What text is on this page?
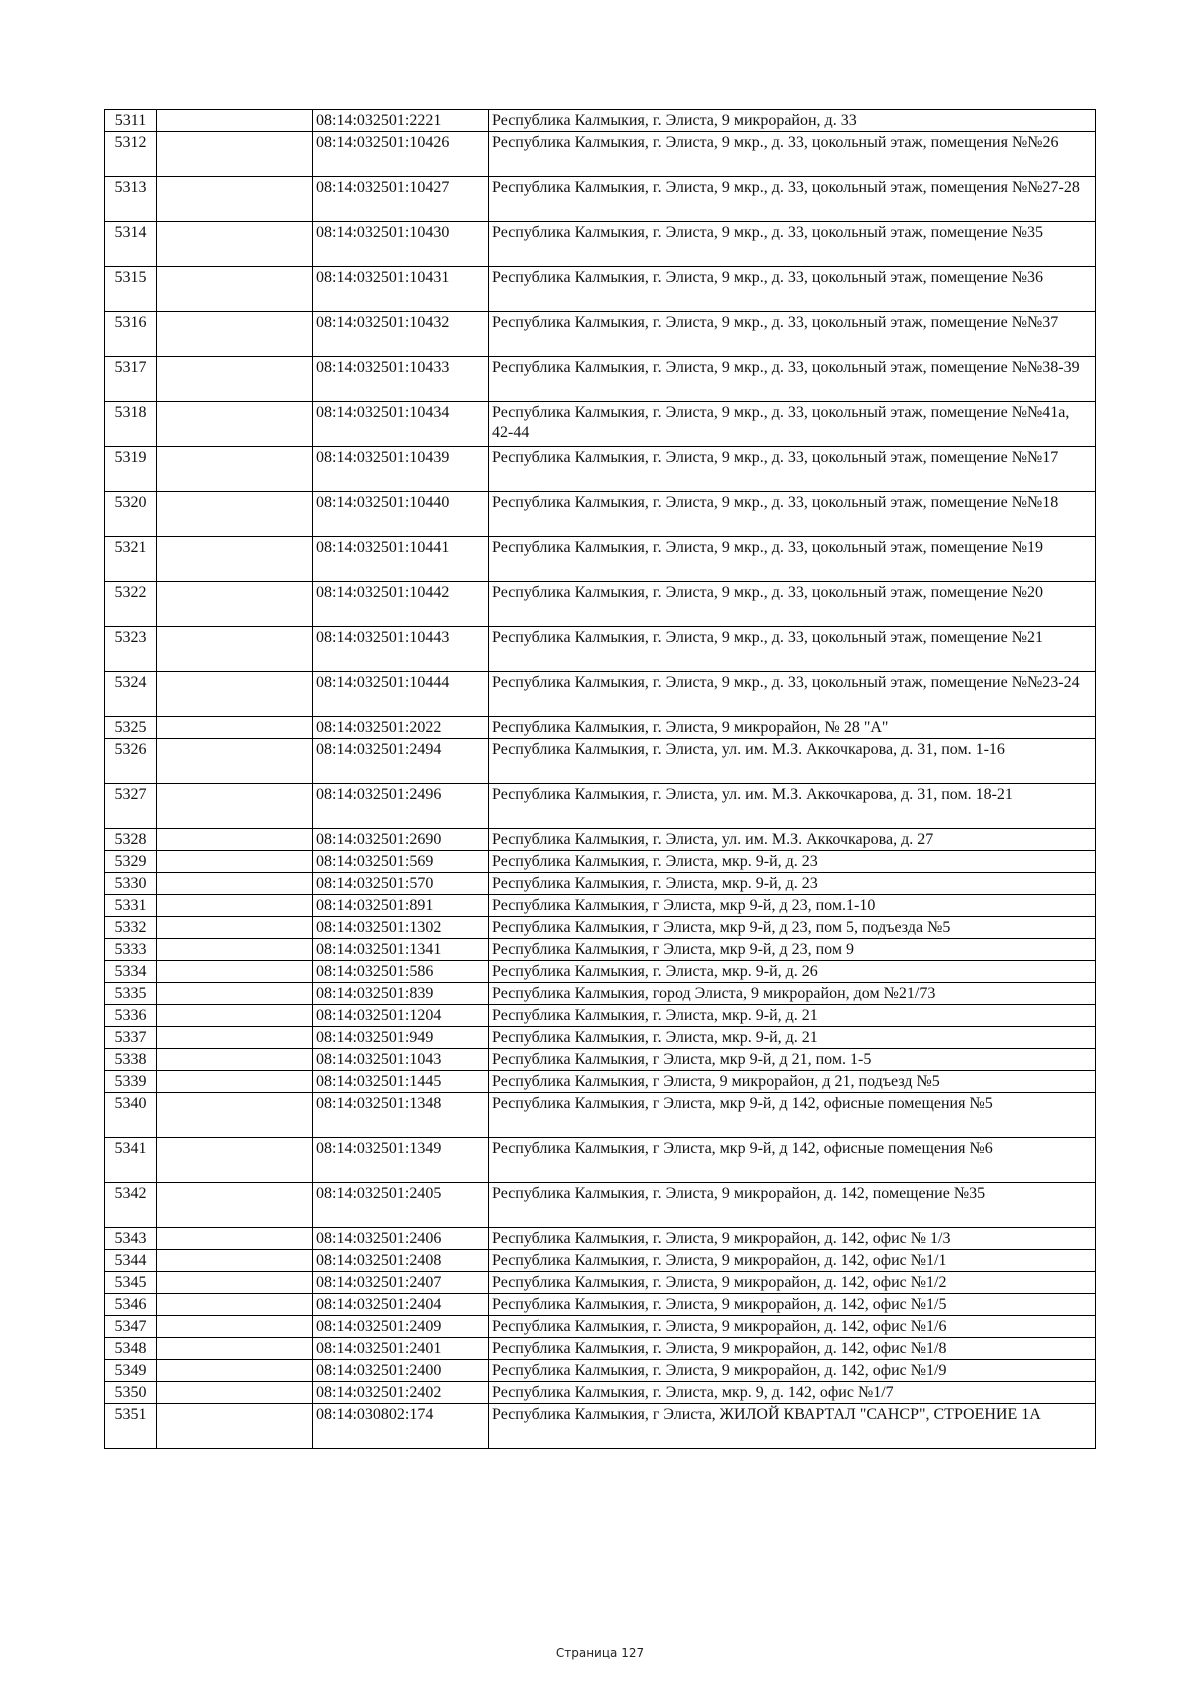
5311		08:14:032501:2221	Республика Калмыкия, г. Элиста, 9 микрорайон, д. 33
5312		08:14:032501:10426	Республика Калмыкия, г. Элиста, 9 мкр., д. 33, цокольный этаж, помещения №№26
5313		08:14:032501:10427	Республика Калмыкия, г. Элиста, 9 мкр., д. 33, цокольный этаж, помещения №№27-28
5314		08:14:032501:10430	Республика Калмыкия, г. Элиста, 9 мкр., д. 33, цокольный этаж, помещение №35
5315		08:14:032501:10431	Республика Калмыкия, г. Элиста, 9 мкр., д. 33, цокольный этаж, помещение №36
5316		08:14:032501:10432	Республика Калмыкия, г. Элиста, 9 мкр., д. 33, цокольный этаж, помещение №№37
5317		08:14:032501:10433	Республика Калмыкия, г. Элиста, 9 мкр., д. 33, цокольный этаж, помещение №№38-39
5318		08:14:032501:10434	Республика Калмыкия, г. Элиста, 9 мкр., д. 33, цокольный этаж, помещение №№41а, 42-44
5319		08:14:032501:10439	Республика Калмыкия, г. Элиста, 9 мкр., д. 33, цокольный этаж, помещение №№17
5320		08:14:032501:10440	Республика Калмыкия, г. Элиста, 9 мкр., д. 33, цокольный этаж, помещение №№18
5321		08:14:032501:10441	Республика Калмыкия, г. Элиста, 9 мкр., д. 33, цокольный этаж, помещение №19
5322		08:14:032501:10442	Республика Калмыкия, г. Элиста, 9 мкр., д. 33, цокольный этаж, помещение №20
5323		08:14:032501:10443	Республика Калмыкия, г. Элиста, 9 мкр., д. 33, цокольный этаж, помещение №21
5324		08:14:032501:10444	Республика Калмыкия, г. Элиста, 9 мкр., д. 33, цокольный этаж, помещение №№23-24
5325		08:14:032501:2022	Республика Калмыкия, г. Элиста, 9 микрорайон, № 28 "А"
5326		08:14:032501:2494	Республика Калмыкия, г. Элиста, ул. им. М.З. Аккочкарова, д. 31, пом. 1-16
5327		08:14:032501:2496	Республика Калмыкия, г. Элиста, ул. им. М.З. Аккочкарова, д. 31, пом. 18-21
5328		08:14:032501:2690	Республика Калмыкия, г. Элиста, ул. им. М.З. Аккочкарова, д. 27
5329		08:14:032501:569	Республика Калмыкия, г. Элиста, мкр. 9-й, д. 23
5330		08:14:032501:570	Республика Калмыкия, г. Элиста, мкр. 9-й, д. 23
5331		08:14:032501:891	Республика Калмыкия, г Элиста, мкр 9-й, д 23, пом.1-10
5332		08:14:032501:1302	Республика Калмыкия, г Элиста, мкр 9-й, д 23, пом 5, подъезда №5
5333		08:14:032501:1341	Республика Калмыкия, г Элиста, мкр 9-й, д 23, пом 9
5334		08:14:032501:586	Республика Калмыкия, г. Элиста, мкр. 9-й, д. 26
5335		08:14:032501:839	Республика Калмыкия, город Элиста, 9 микрорайон, дом №21/73
5336		08:14:032501:1204	Республика Калмыкия, г. Элиста, мкр. 9-й, д. 21
5337		08:14:032501:949	Республика Калмыкия, г. Элиста, мкр. 9-й, д. 21
5338		08:14:032501:1043	Республика Калмыкия, г Элиста, мкр 9-й, д 21, пом. 1-5
5339		08:14:032501:1445	Республика Калмыкия, г Элиста, 9 микрорайон, д 21, подъезд №5
5340		08:14:032501:1348	Республика Калмыкия, г Элиста, мкр 9-й, д 142, офисные помещения №5
5341		08:14:032501:1349	Республика Калмыкия, г Элиста, мкр 9-й, д 142, офисные помещения №6
5342		08:14:032501:2405	Республика Калмыкия, г. Элиста, 9 микрорайон, д. 142, помещение №35
5343		08:14:032501:2406	Республика Калмыкия, г. Элиста, 9 микрорайон, д. 142, офис № 1/3
5344		08:14:032501:2408	Республика Калмыкия, г. Элиста, 9 микрорайон, д. 142, офис №1/1
5345		08:14:032501:2407	Республика Калмыкия, г. Элиста, 9 микрорайон, д. 142, офис №1/2
5346		08:14:032501:2404	Республика Калмыкия, г. Элиста, 9 микрорайон, д. 142, офис №1/5
5347		08:14:032501:2409	Республика Калмыкия, г. Элиста, 9 микрорайон, д. 142, офис №1/6
5348		08:14:032501:2401	Республика Калмыкия, г. Элиста, 9 микрорайон, д. 142, офис №1/8
5349		08:14:032501:2400	Республика Калмыкия, г. Элиста, 9 микрорайон, д. 142, офис №1/9
5350		08:14:032501:2402	Республика Калмыкия, г. Элиста, мкр. 9, д. 142, офис №1/7
5351		08:14:030802:174	Республика Калмыкия, г Элиста, ЖИЛОЙ КВАРТАЛ "САНСР", СТРОЕНИЕ 1А
Страница 127
